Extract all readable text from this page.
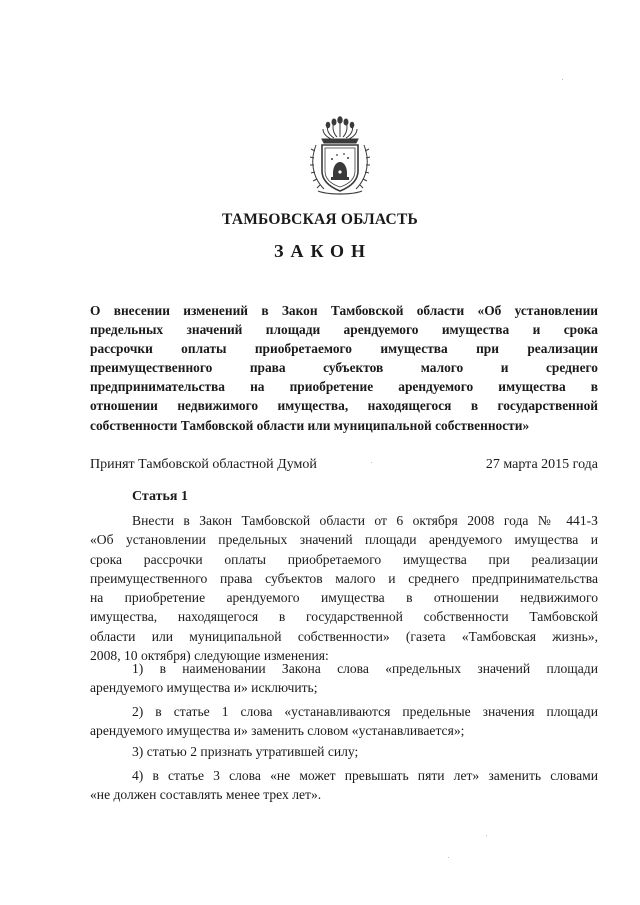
ТАМБОВСКАЯ ОБЛАСТЬ
ЗАКОН
О внесении изменений в Закон Тамбовской области «Об установлении
предельных значений площади арендуемого имущества и срока
рассрочки оплаты приобретаемого имущества при реализации
преимущественного права субъектов малого и среднего
предпринимательства на приобретение арендуемого имущества в
отношении недвижимого имущества, находящегося в государственной
собственности Тамбовской области или муниципальной собственности»
Принят Тамбовской областной Думой	27 марта 2015 года
Статья 1
Внести в Закон Тамбовской области от 6 октября 2008 года № 441-З
«Об установлении предельных значений площади арендуемого имущества и
срока рассрочки оплаты приобретаемого имущества при реализации
преимущественного права субъектов малого и среднего предпринимательства
на приобретение арендуемого имущества в отношении недвижимого
имущества, находящегося в государственной собственности Тамбовской
области или муниципальной собственности» (газета «Тамбовская жизнь»,
2008, 10 октября) следующие изменения:
1) в наименовании Закона слова «предельных значений площади
арендуемого имущества и» исключить;
2) в статье 1 слова «устанавливаются предельные значения площади
арендуемого имущества и» заменить словом «устанавливается»;
3) статью 2 признать утратившей силу;
4) в статье 3 слова «не может превышать пяти лет» заменить словами
«не должен составлять менее трех лет».
